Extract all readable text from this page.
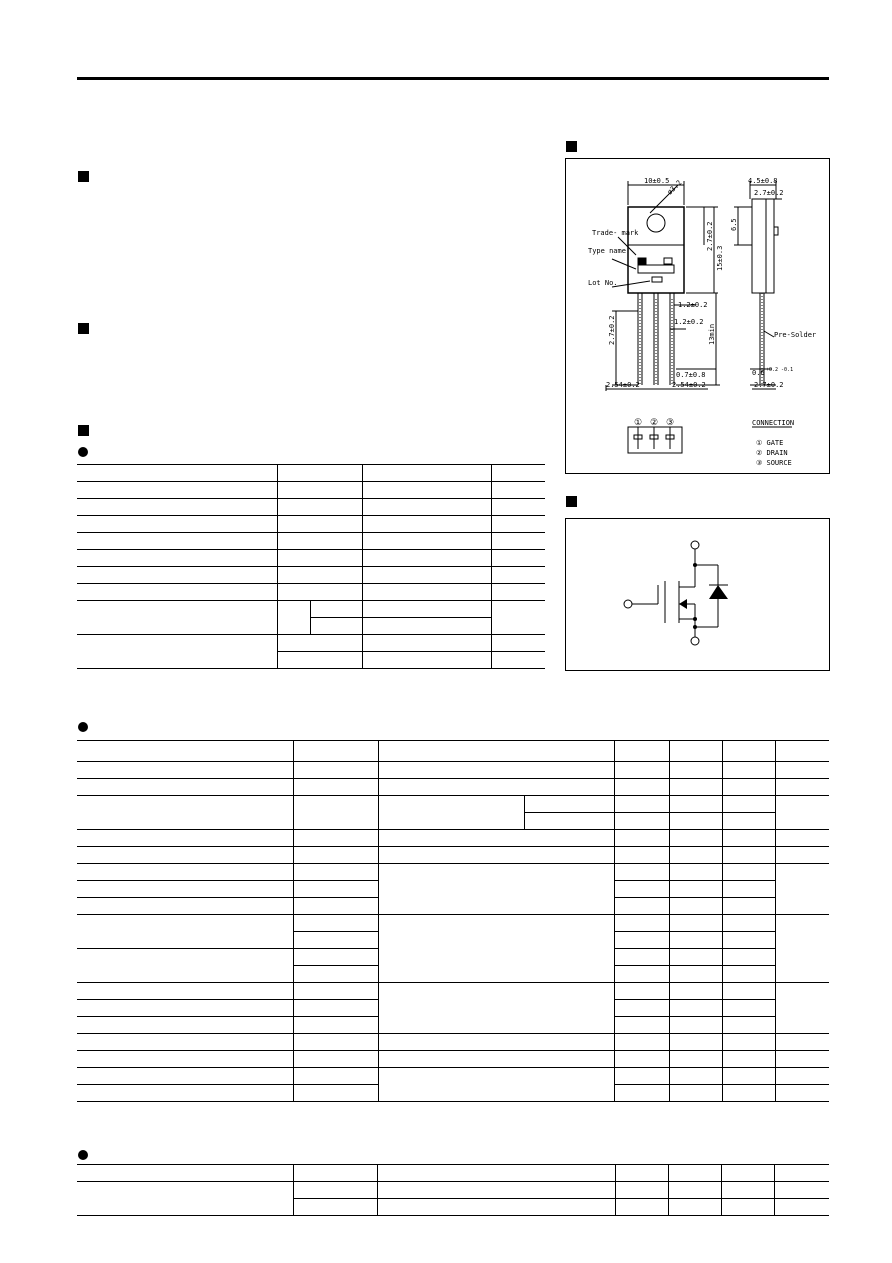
10±0.5
ø3.2	4.5±0.8
2.7±0.2
6.5
2.7±0.2
15±0.3
Trade- mark
Type name
Lot No.
1.2±0.2
1.2±0.2
2.7±0.2	13min
0.7±0.8
2.54±0.2	2.54±0.2
Pre-Solder
0.6 +0.2 -0.1
2.7±0.2
① ② ③	CONNECTION
① GATE
② DRAIN
③ SOURCE
